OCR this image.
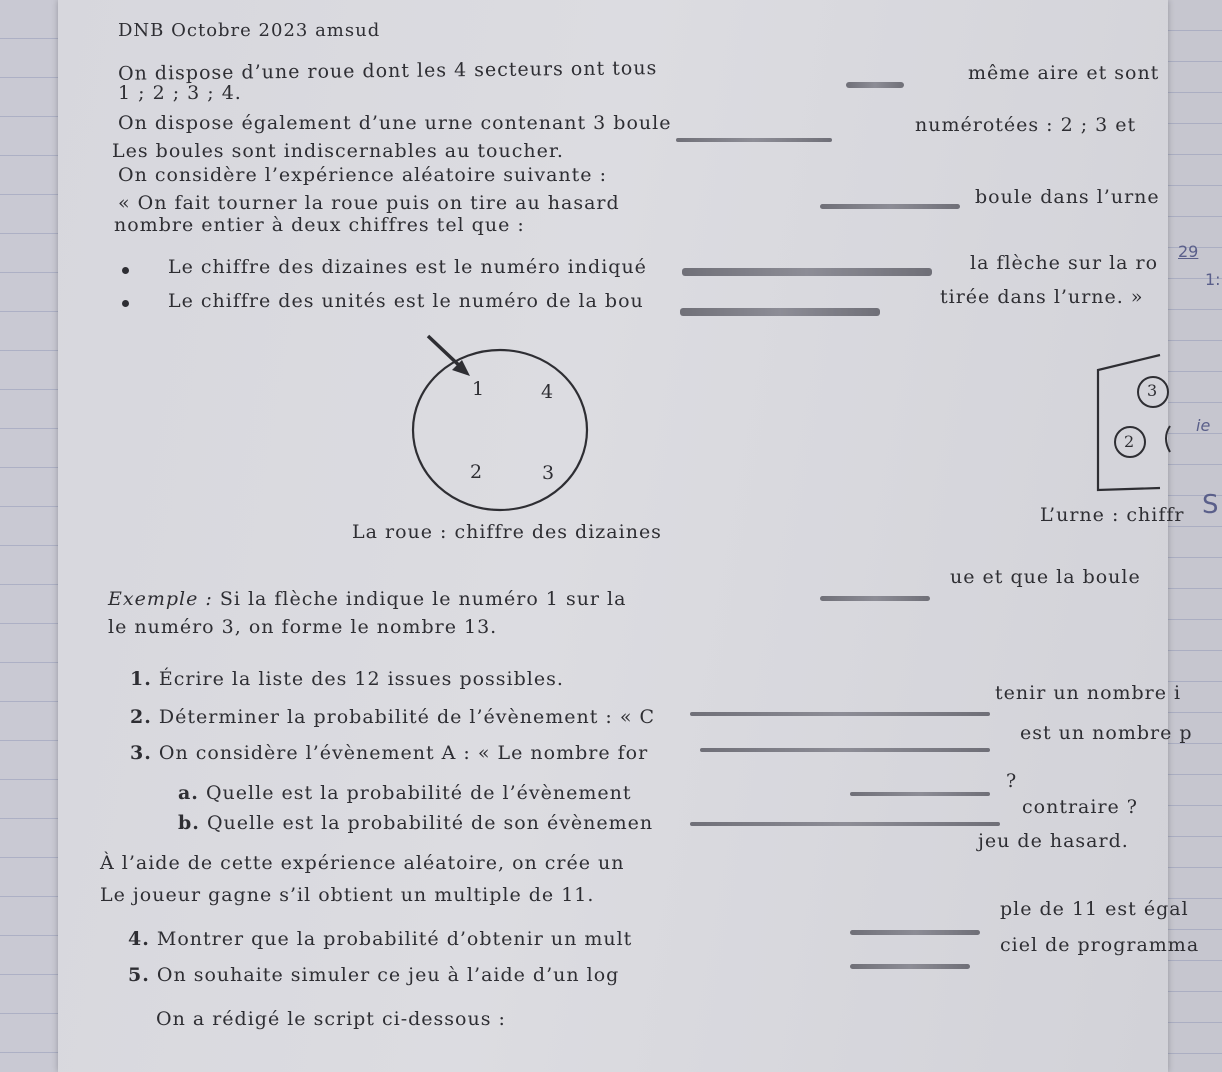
DNB Octobre 2023 amsud
On dispose d’une roue dont les 4 secteurs ont tous	même aire et sont
1 ; 2 ; 3 ; 4.
On dispose également d’une urne contenant 3 boule	numérotées : 2 ; 3 et
Les boules sont indiscernables au toucher.
On considère l’expérience aléatoire suivante :
« On fait tourner la roue puis on tire au hasard	boule dans l’urne
nombre entier à deux chiffres tel que :
Le chiffre des dizaines est le numéro indiqué	la flèche sur la ro
Le chiffre des unités est le numéro de la bou	tirée dans l’urne. »
1	4
2	3
La roue : chiffre des dizaines
3
2
L’urne : chiffr
Exemple : Si la flèche indique le numéro 1 sur la
ue et que la boule
le numéro 3, on forme le nombre 13.
1. Écrire la liste des 12 issues possibles.
2. Déterminer la probabilité de l’évènement : « C
tenir un nombre i
3. On considère l’évènement A : « Le nombre for
est un nombre p
a. Quelle est la probabilité de l’évènement
?
b. Quelle est la probabilité de son évènemen
contraire ?
À l’aide de cette expérience aléatoire, on crée un
jeu de hasard.
Le joueur gagne s’il obtient un multiple de 11.
4. Montrer que la probabilité d’obtenir un mult
ple de 11 est égal
5. On souhaite simuler ce jeu à l’aide d’un log
ciel de programma
On a rédigé le script ci-dessous :
29
1:
ie
S
